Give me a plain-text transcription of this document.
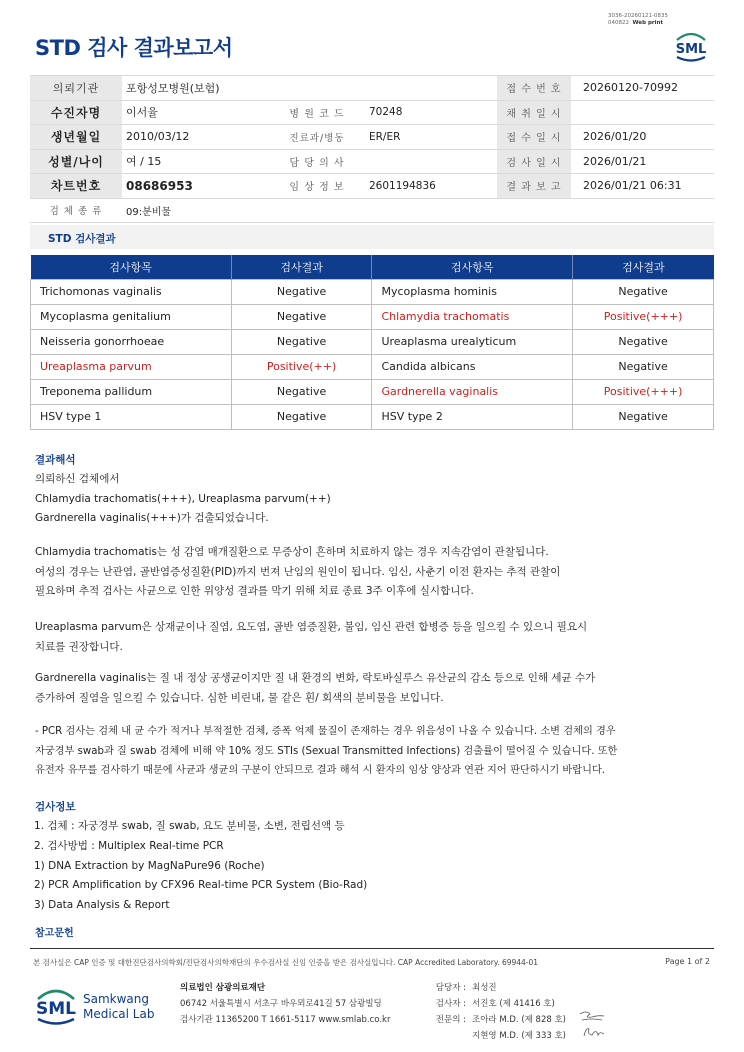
3036-20260121-0835
040822 Web print
STD 검사 결과보고서	SML
의뢰기관	포항성모병원(보험)			접 수 번 호	20260120-70992
수진자명	이서율	병 원 코 드	70248	채 취 일 시	
생년월일	2010/03/12	진료과/병동	ER/ER	접 수 일 시	2026/01/20
성별/나이	여 / 15	담 당 의 사		검 사 일 시	2026/01/21
차트번호	08686953	임 상 정 보	2601194836	결 과 보 고	2026/01/21 06:31
검 체 종 류	09:분비물				
STD 검사결과
검사항목	검사결과	검사항목	검사결과
Trichomonas vaginalis	Negative	Mycoplasma hominis	Negative
Mycoplasma genitalium	Negative	Chlamydia trachomatis	Positive(+++)
Neisseria gonorrhoeae	Negative	Ureaplasma urealyticum	Negative
Ureaplasma parvum	Positive(++)	Candida albicans	Negative
Treponema pallidum	Negative	Gardnerella vaginalis	Positive(+++)
HSV type 1	Negative	HSV type 2	Negative
결과해석
의뢰하신 검체에서
Chlamydia trachomatis(+++), Ureaplasma parvum(++)
Gardnerella vaginalis(+++)가 검출되었습니다.
Chlamydia trachomatis는 성 감염 매개질환으로 무증상이 흔하며 치료하지 않는 경우 지속감염이 관찰됩니다.
여성의 경우는 난관염, 골반염증성질환(PID)까지 번져 난임의 원인이 됩니다. 임신, 사춘기 이전 환자는 추적 관찰이
필요하며 추적 검사는 사균으로 인한 위양성 결과를 막기 위해 치료 종료 3주 이후에 실시합니다.
Ureaplasma parvum은 상재균이나 질염, 요도염, 골반 염증질환, 불임, 임신 관련 합병증 등을 일으킬 수 있으니 필요시
치료를 권장합니다.
Gardnerella vaginalis는 질 내 정상 공생균이지만 질 내 환경의 변화, 락토바실루스 유산균의 감소 등으로 인해 세균 수가
증가하여 질염을 일으킬 수 있습니다. 심한 비린내, 물 같은 흰/ 회색의 분비물을 보입니다.
- PCR 검사는 검체 내 균 수가 적거나 부적절한 검체, 증폭 억제 물질이 존재하는 경우 위음성이 나올 수 있습니다. 소변 검체의 경우
자궁경부 swab과 질 swab 검체에 비해 약 10% 정도 STIs (Sexual Transmitted Infections) 검출률이 떨어질 수 있습니다. 또한
유전자 유무를 검사하기 때문에 사균과 생균의 구분이 안되므로 결과 해석 시 환자의 임상 양상과 연관 지어 판단하시기 바랍니다.
검사정보
1. 검체 : 자궁경부 swab, 질 swab, 요도 분비물, 소변, 전립선액 등
2. 검사방법 : Multiplex Real-time PCR
1) DNA Extraction by MagNaPure96 (Roche)
2) PCR Amplification by CFX96 Real-time PCR System (Bio-Rad)
3) Data Analysis & Report
참고문헌
본 검사실은 CAP 인증 및 대한진단검사의학회/진단검사의학재단의 우수검사실 신임 인증을 받은 검사실입니다. CAP Accredited Laboratory. 69944-01	Page 1 of 2
SML Samkwang
Medical Lab
의료법인 삼광의료재단
06742 서울특별시 서초구 바우뫼로41길 57 삼광빌딩
검사기관 11365200 T 1661-5117 www.smlab.co.kr
담당자 : 최성진
검사자 : 서진호 (제 41416 호)
전문의 : 조아라 M.D. (제 828 호)
지현영 M.D. (제 333 호)
